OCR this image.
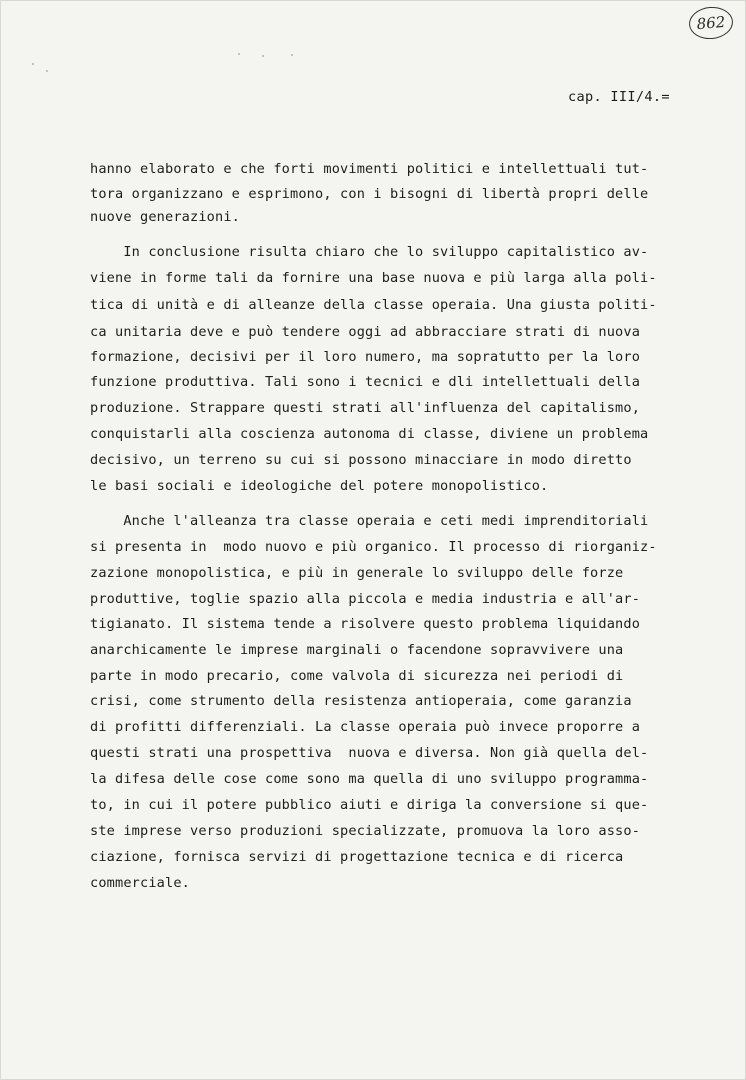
862
cap. III/4.=
hanno elaborato e che forti movimenti politici e intellettuali tut-
tora organizzano e esprimono, con i bisogni di libertà propri delle
nuove generazioni.
In conclusione risulta chiaro che lo sviluppo capitalistico av-
viene in forme tali da fornire una base nuova e più larga alla poli-
tica di unità e di alleanze della classe operaia. Una giusta politi-
ca unitaria deve e può tendere oggi ad abbracciare strati di nuova
formazione, decisivi per il loro numero, ma sopratutto per la loro
funzione produttiva. Tali sono i tecnici e dli intellettuali della
produzione. Strappare questi strati all'influenza del capitalismo,
conquistarli alla coscienza autonoma di classe, diviene un problema
decisivo, un terreno su cui si possono minacciare in modo diretto
le basi sociali e ideologiche del potere monopolistico.
Anche l'alleanza tra classe operaia e ceti medi imprenditoriali
si presenta in  modo nuovo e più organico. Il processo di riorganiz-
zazione monopolistica, e più in generale lo sviluppo delle forze
produttive, toglie spazio alla piccola e media industria e all'ar-
tigianato. Il sistema tende a risolvere questo problema liquidando
anarchicamente le imprese marginali o facendone sopravvivere una
parte in modo precario, come valvola di sicurezza nei periodi di
crisi, come strumento della resistenza antioperaia, come garanzia
di profitti differenziali. La classe operaia può invece proporre a
questi strati una prospettiva  nuova e diversa. Non già quella del-
la difesa delle cose come sono ma quella di uno sviluppo programma-
to, in cui il potere pubblico aiuti e diriga la conversione si que-
ste imprese verso produzioni specializzate, promuova la loro asso-
ciazione, fornisca servizi di progettazione tecnica e di ricerca
commerciale.
